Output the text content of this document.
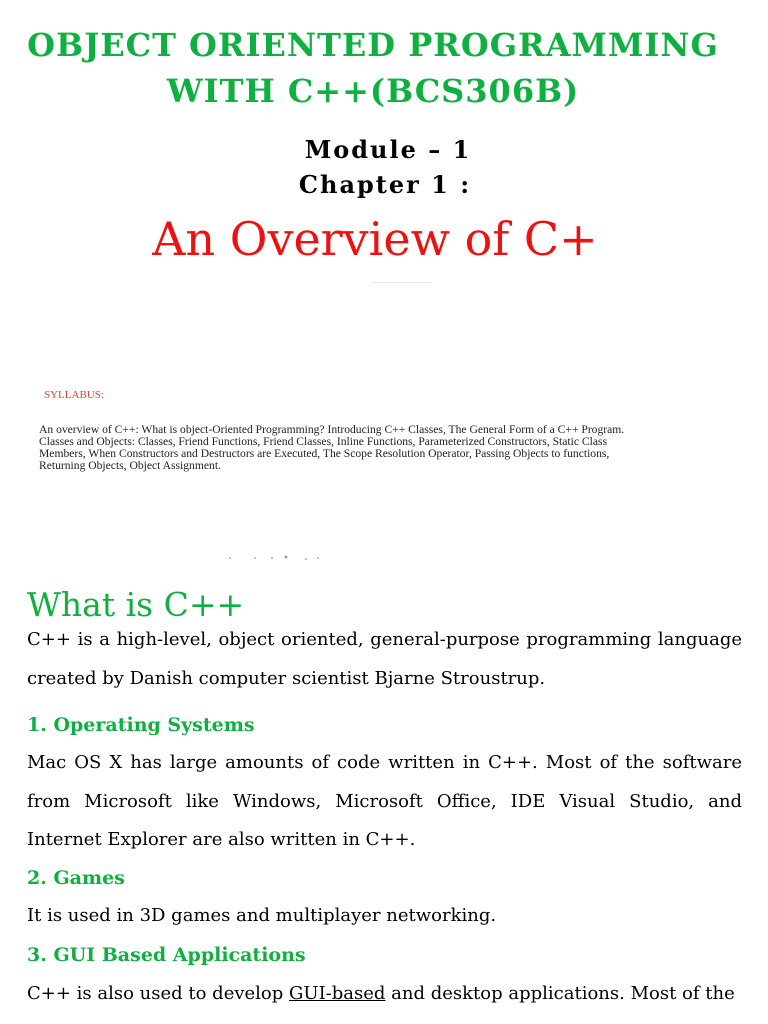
OBJECT ORIENTED PROGRAMMING
WITH C++(BCS306B)
Module – 1
Chapter 1 :
An Overview of C+
SYLLABUS:
An overview of C++: What is object-Oriented Programming? Introducing C++ Classes, The General Form of a C++ Program. Classes and Objects: Classes, Friend Functions, Friend Classes, Inline Functions, Parameterized Constructors, Static Class Members, When Constructors and Destructors are Executed, The Scope Resolution Operator, Passing Objects to functions, Returning Objects, Object Assignment.
What is C++
C++ is a high-level, object oriented, general-purpose programming language created by Danish computer scientist Bjarne Stroustrup.
1. Operating Systems
Mac OS X has large amounts of code written in C++. Most of the software from Microsoft like Windows, Microsoft Office, IDE Visual Studio, and Internet Explorer are also written in C++.
2. Games
It is used in 3D games and multiplayer networking.
3. GUI Based Applications
C++ is also used to develop GUI-based and desktop applications. Most of the
